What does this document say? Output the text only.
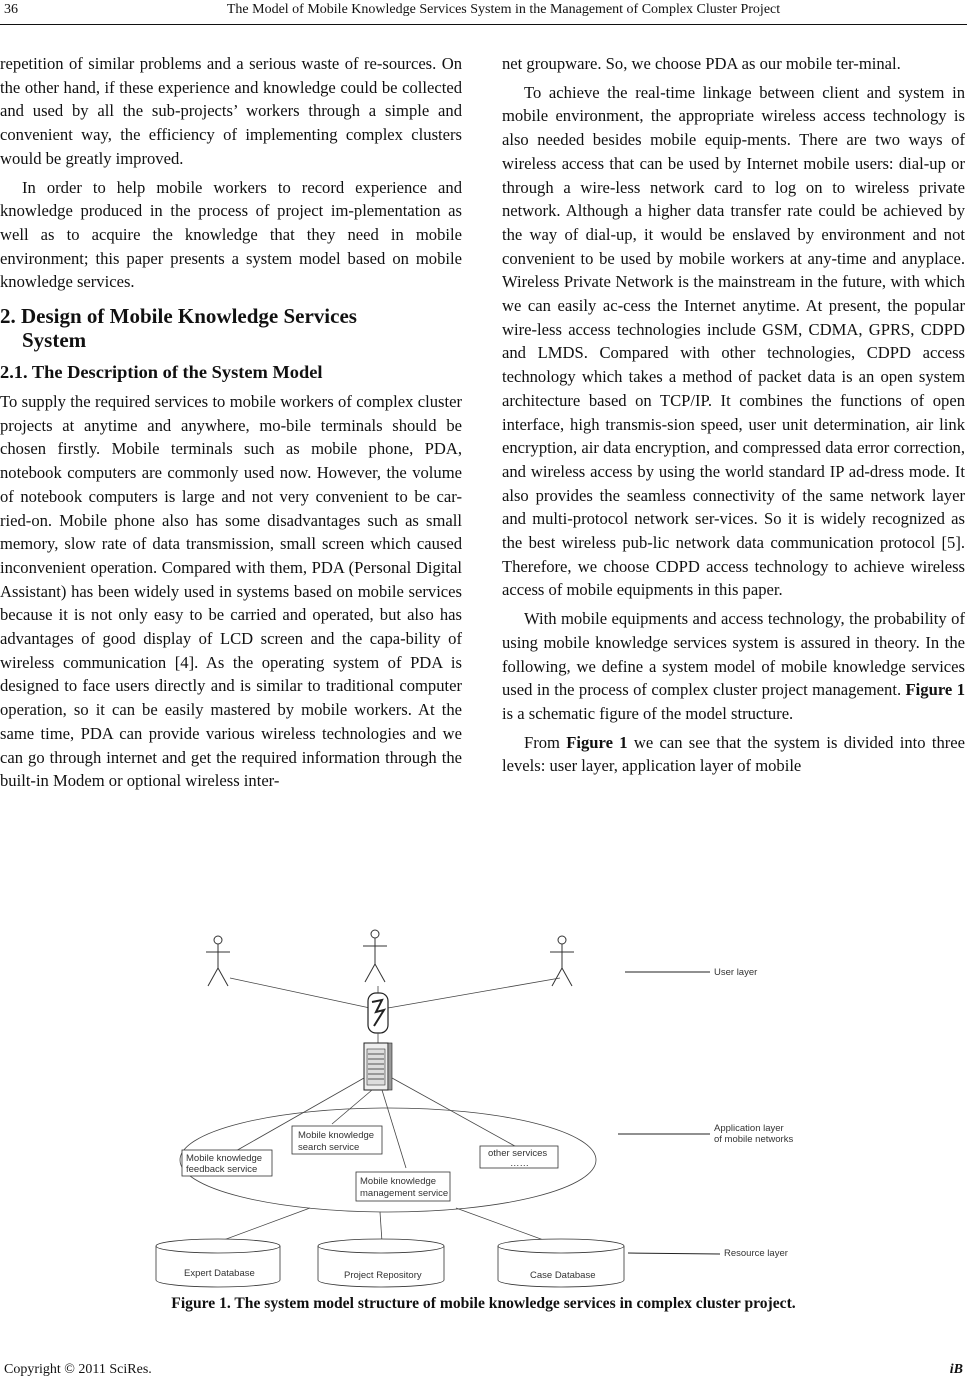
36	The Model of Mobile Knowledge Services System in the Management of Complex Cluster Project

repetition of similar problems and a serious waste of re-sources. On the other hand, if these experience and knowledge could be collected and used by all the sub-projects’ workers through a simple and convenient way, the efficiency of implementing complex clusters would be greatly improved.

In order to help mobile workers to record experience and knowledge produced in the process of project im-plementation as well as to acquire the knowledge that they need in mobile environment; this paper presents a system model based on mobile knowledge services.

2. Design of Mobile Knowledge Services
System
2.1. The Description of the System Model

To supply the required services to mobile workers of complex cluster projects at anytime and anywhere, mo-bile terminals should be chosen firstly. Mobile terminals such as mobile phone, PDA, notebook computers are commonly used now. However, the volume of notebook computers is large and not very convenient to be car-ried-on. Mobile phone also has some disadvantages such as small memory, slow rate of data transmission, small screen which caused inconvenient operation. Compared with them, PDA (Personal Digital Assistant) has been widely used in systems based on mobile services because it is not only easy to be carried and operated, but also has advantages of good display of LCD screen and the capa-bility of wireless communication [4]. As the operating system of PDA is designed to face users directly and is similar to traditional computer operation, so it can be easily mastered by mobile workers. At the same time, PDA can provide various wireless technologies and we can go through internet and get the required information through the built-in Modem or optional wireless inter-

net groupware. So, we choose PDA as our mobile ter-minal.

To achieve the real-time linkage between client and system in mobile environment, the appropriate wireless access technology is also needed besides mobile equip-ments. There are two ways of wireless access that can be used by Internet mobile users: dial-up or through a wire-less network card to log on to wireless private network. Although a higher data transfer rate could be achieved by the way of dial-up, it would be enslaved by environment and not convenient to be used by mobile workers at any-time and anyplace. Wireless Private Network is the mainstream in the future, with which we can easily ac-cess the Internet anytime. At present, the popular wire-less access technologies include GSM, CDMA, GPRS, CDPD and LMDS. Compared with other technologies, CDPD access technology which takes a method of packet data is an open system architecture based on TCP/IP. It combines the functions of open interface, high transmis-sion speed, user unit determination, air link encryption, air data encryption, and compressed data error correction, and wireless access by using the world standard IP ad-dress mode. It also provides the seamless connectivity of the same network layer and multi-protocol network ser-vices. So it is widely recognized as the best wireless pub-lic network data communication protocol [5]. Therefore, we choose CDPD access technology to achieve wireless access of mobile equipments in this paper.

With mobile equipments and access technology, the probability of using mobile knowledge services system is assured in theory. In the following, we define a system model of mobile knowledge services used in the process of complex cluster project management. Figure 1 is a schematic figure of the model structure.

From Figure 1 we can see that the system is divided into three levels: user layer, application layer of mobile

Mobile knowledge
feedback service
Mobile knowledge
search service
Mobile knowledge
management service
other services
……
Expert Database	Project Repository	Case Database
User layer
Application layer
of mobile networks
Resource layer
Figure 1. The system model structure of mobile knowledge services in complex cluster project.
Copyright © 2011 SciRes.	iB
